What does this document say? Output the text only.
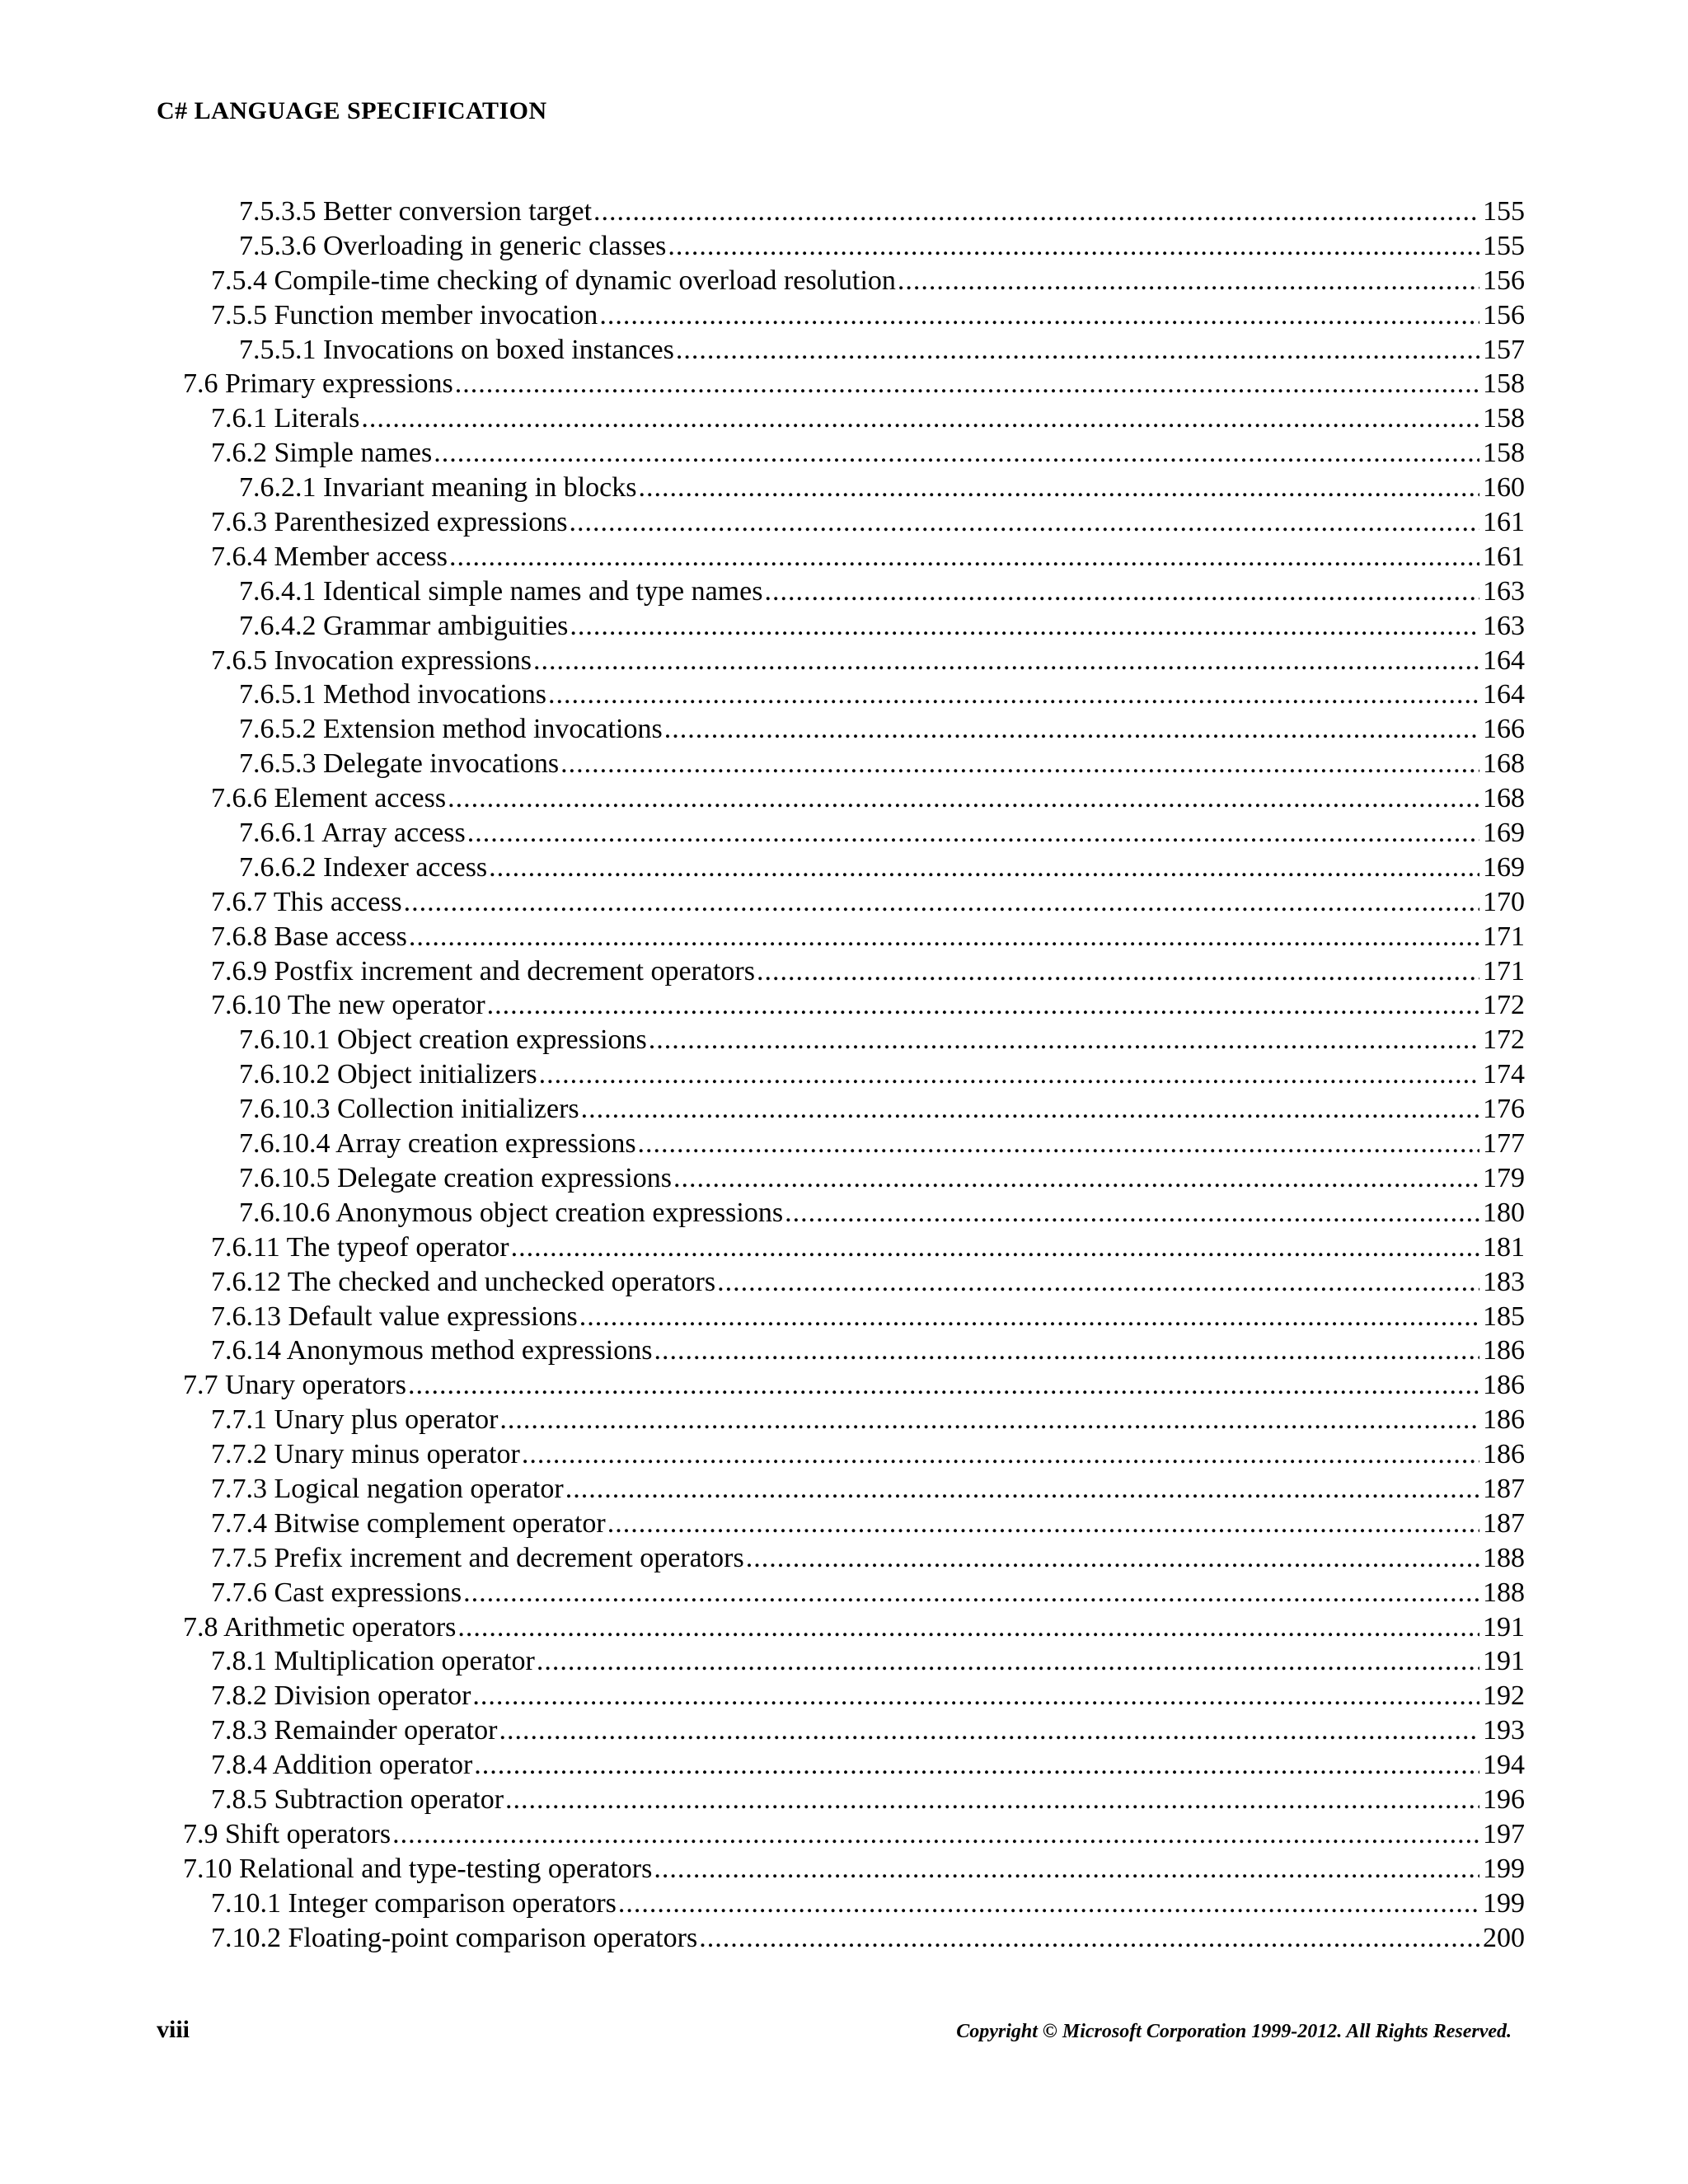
C# LANGUAGE SPECIFICATION
7.5.3.5 Better conversion target .....	155
7.5.3.6 Overloading in generic classes .....	155
7.5.4 Compile-time checking of dynamic overload resolution .....	156
7.5.5 Function member invocation .....	156
7.5.5.1 Invocations on boxed instances .....	157
7.6 Primary expressions .....	158
7.6.1 Literals .....	158
7.6.2 Simple names .....	158
7.6.2.1 Invariant meaning in blocks .....	160
7.6.3 Parenthesized expressions .....	161
7.6.4 Member access .....	161
7.6.4.1 Identical simple names and type names .....	163
7.6.4.2 Grammar ambiguities .....	163
7.6.5 Invocation expressions .....	164
7.6.5.1 Method invocations .....	164
7.6.5.2 Extension method invocations .....	166
7.6.5.3 Delegate invocations .....	168
7.6.6 Element access .....	168
7.6.6.1 Array access .....	169
7.6.6.2 Indexer access .....	169
7.6.7 This access .....	170
7.6.8 Base access .....	171
7.6.9 Postfix increment and decrement operators .....	171
7.6.10 The new operator .....	172
7.6.10.1 Object creation expressions .....	172
7.6.10.2 Object initializers .....	174
7.6.10.3 Collection initializers .....	176
7.6.10.4 Array creation expressions .....	177
7.6.10.5 Delegate creation expressions .....	179
7.6.10.6 Anonymous object creation expressions .....	180
7.6.11 The typeof operator .....	181
7.6.12 The checked and unchecked operators .....	183
7.6.13 Default value expressions .....	185
7.6.14 Anonymous method expressions .....	186
7.7 Unary operators .....	186
7.7.1 Unary plus operator .....	186
7.7.2 Unary minus operator .....	186
7.7.3 Logical negation operator .....	187
7.7.4 Bitwise complement operator .....	187
7.7.5 Prefix increment and decrement operators .....	188
7.7.6 Cast expressions .....	188
7.8 Arithmetic operators .....	191
7.8.1 Multiplication operator .....	191
7.8.2 Division operator .....	192
7.8.3 Remainder operator .....	193
7.8.4 Addition operator .....	194
7.8.5 Subtraction operator .....	196
7.9 Shift operators .....	197
7.10 Relational and type-testing operators .....	199
7.10.1 Integer comparison operators .....	199
7.10.2 Floating-point comparison operators .....	200
viii	Copyright © Microsoft Corporation 1999-2012. All Rights Reserved.
